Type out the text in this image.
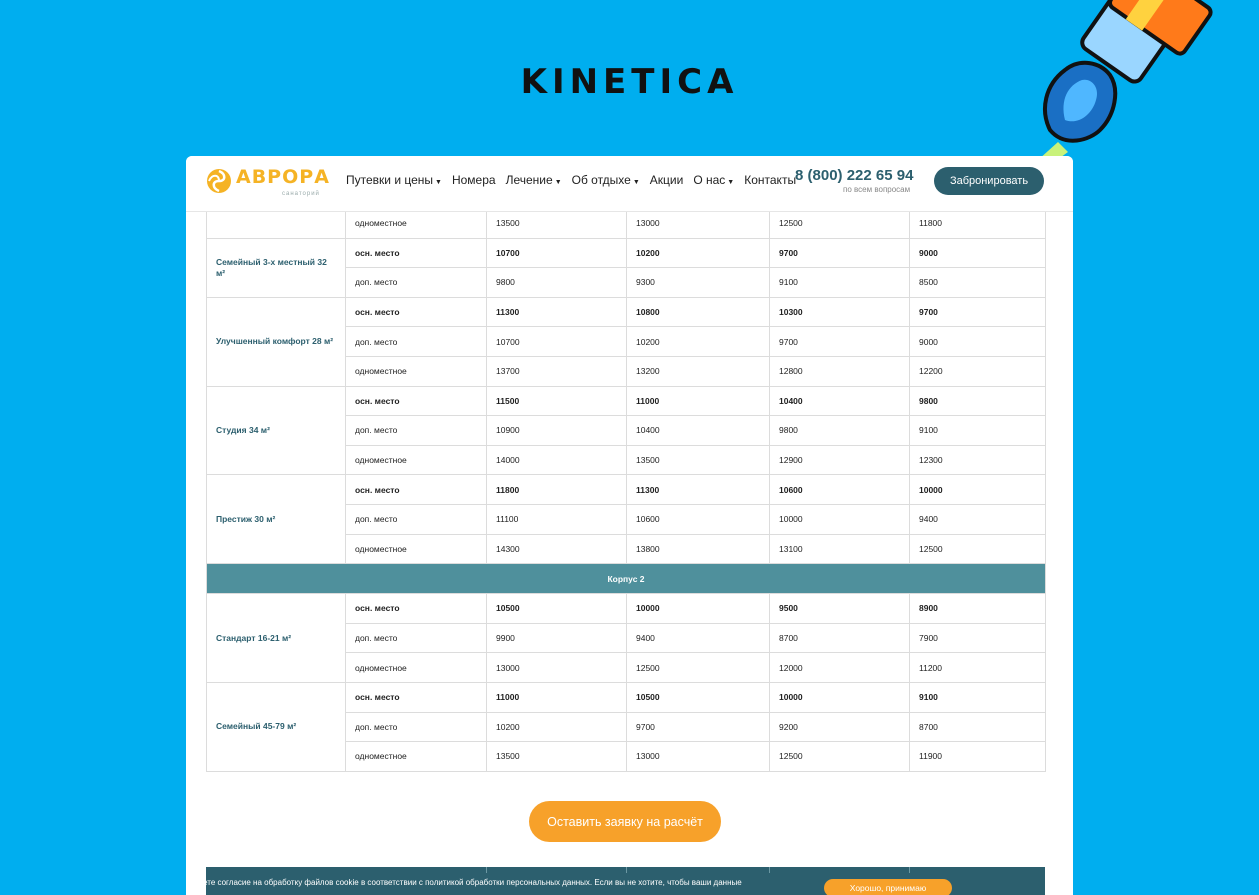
KINETICA
АВРОРА
санаторий
Путевки и цены ▼ Номера Лечение ▼ Об отдыхе ▼ Акции О нас ▼ Контакты
8 (800) 222 65 94
по всем вопросам
Забронировать
	одноместное	13500	13000	12500	11800
Семейный 3-х местный 32 м²	осн. место	10700	10200	9700	9000
	доп. место	9800	9300	9100	8500
Улучшенный комфорт 28 м²	осн. место	11300	10800	10300	9700
	доп. место	10700	10200	9700	9000
	одноместное	13700	13200	12800	12200
Студия 34 м²	осн. место	11500	11000	10400	9800
	доп. место	10900	10400	9800	9100
	одноместное	14000	13500	12900	12300
Престиж 30 м²	осн. место	11800	11300	10600	10000
	доп. место	11100	10600	10000	9400
	одноместное	14300	13800	13100	12500
Корпус 2					
Стандарт 16-21 м²	осн. место	10500	10000	9500	8900
	доп. место	9900	9400	8700	7900
	одноместное	13000	12500	12000	11200
Семейный 45-79 м²	осн. место	11000	10500	10000	9100
	доп. место	10200	9700	9200	8700
	одноместное	13500	13000	12500	11900
Оставить заявку на расчёт
ы даете согласие на обработку файлов cookie в соответствии с политикой обработки персональных данных. Если вы не хотите, чтобы ваши данные
Хорошо, принимаю
